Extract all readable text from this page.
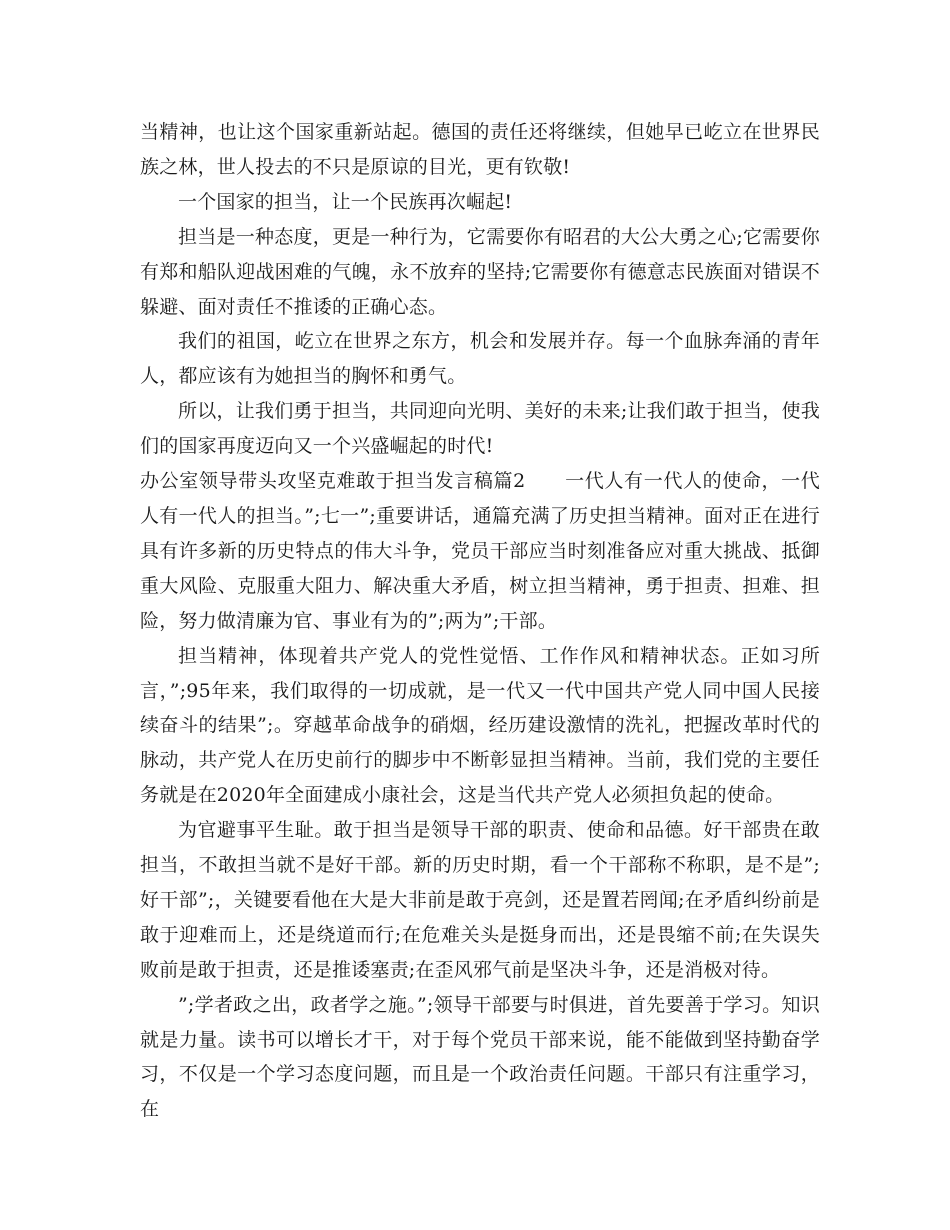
当精神，也让这个国家重新站起。德国的责任还将继续，但她早已屹立在世界民族之林，世人投去的不只是原谅的目光，更有钦敬!

一个国家的担当，让一个民族再次崛起!

担当是一种态度，更是一种行为，它需要你有昭君的大公大勇之心;它需要你有郑和船队迎战困难的气魄，永不放弃的坚持;它需要你有德意志民族面对错误不躲避、面对责任不推诿的正确心态。

我们的祖国，屹立在世界之东方，机会和发展并存。每一个血脉奔涌的青年人，都应该有为她担当的胸怀和勇气。

所以，让我们勇于担当，共同迎向光明、美好的未来;让我们敢于担当，使我们的国家再度迈向又一个兴盛崛起的时代!

办公室领导带头攻坚克难敢于担当发言稿篇2　　一代人有一代人的使命，一代人有一代人的担当。”;七一”;重要讲话，通篇充满了历史担当精神。面对正在进行具有许多新的历史特点的伟大斗争，党员干部应当时刻准备应对重大挑战、抵御重大风险、克服重大阻力、解决重大矛盾，树立担当精神，勇于担责、担难、担险，努力做清廉为官、事业有为的”;两为”;干部。

担当精神，体现着共产党人的党性觉悟、工作作风和精神状态。正如习所言，”;95年来，我们取得的一切成就，是一代又一代中国共产党人同中国人民接续奋斗的结果”;。穿越革命战争的硝烟，经历建设激情的洗礼，把握改革时代的脉动，共产党人在历史前行的脚步中不断彰显担当精神。当前，我们党的主要任务就是在2020年全面建成小康社会，这是当代共产党人必须担负起的使命。

为官避事平生耻。敢于担当是领导干部的职责、使命和品德。好干部贵在敢担当，不敢担当就不是好干部。新的历史时期，看一个干部称不称职，是不是”;好干部”;，关键要看他在大是大非前是敢于亮剑，还是置若罔闻;在矛盾纠纷前是敢于迎难而上，还是绕道而行;在危难关头是挺身而出，还是畏缩不前;在失误失败前是敢于担责，还是推诿塞责;在歪风邪气前是坚决斗争，还是消极对待。

”;学者政之出，政者学之施。”;领导干部要与时俱进，首先要善于学习。知识就是力量。读书可以增长才干，对于每个党员干部来说，能不能做到坚持勤奋学习，不仅是一个学习态度问题，而且是一个政治责任问题。干部只有注重学习，在
